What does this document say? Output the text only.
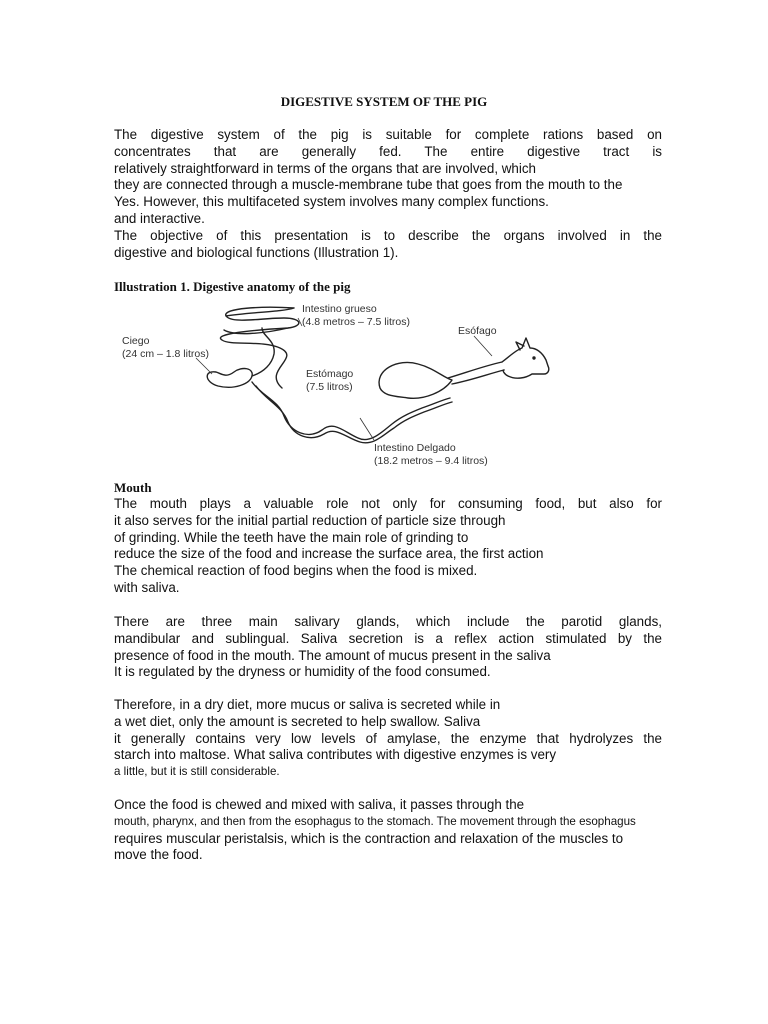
DIGESTIVE SYSTEM OF THE PIG
The digestive system of the pig is suitable for complete rations based on
concentrates that are generally fed. The entire digestive tract is
relatively straightforward in terms of the organs that are involved, which
they are connected through a muscle-membrane tube that goes from the mouth to the
Yes. However, this multifaceted system involves many complex functions.
and interactive.
The objective of this presentation is to describe the organs involved in the
digestive and biological functions (Illustration 1).
Illustration 1. Digestive anatomy of the pig
Intestino grueso
(4.8 metros – 7.5 litros)
Esófago
Ciego
(24 cm – 1.8 litros)
Estómago
(7.5 litros)
Intestino Delgado
(18.2 metros – 9.4 litros)
Mouth
The mouth plays a valuable role not only for consuming food, but also for
it also serves for the initial partial reduction of particle size through
of grinding. While the teeth have the main role of grinding to
reduce the size of the food and increase the surface area, the first action
The chemical reaction of food begins when the food is mixed.
with saliva.
There are three main salivary glands, which include the parotid glands,
mandibular and sublingual. Saliva secretion is a reflex action stimulated by the
presence of food in the mouth. The amount of mucus present in the saliva
It is regulated by the dryness or humidity of the food consumed.
Therefore, in a dry diet, more mucus or saliva is secreted while in
a wet diet, only the amount is secreted to help swallow. Saliva
it generally contains very low levels of amylase, the enzyme that hydrolyzes the
starch into maltose. What saliva contributes with digestive enzymes is very
a little, but it is still considerable.
Once the food is chewed and mixed with saliva, it passes through the
mouth, pharynx, and then from the esophagus to the stomach. The movement through the esophagus
requires muscular peristalsis, which is the contraction and relaxation of the muscles to
move the food.
